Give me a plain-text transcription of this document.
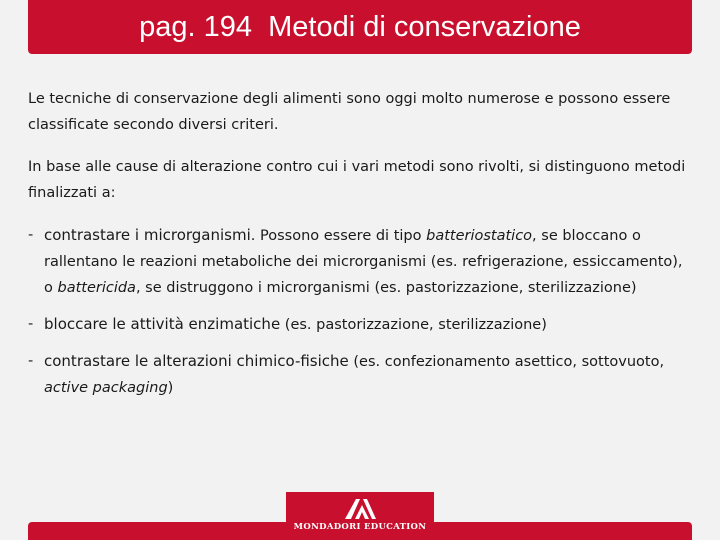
pag. 194  Metodi di conservazione

Le tecniche di conservazione degli alimenti sono oggi molto numerose e possono essere classificate secondo diversi criteri.

In base alle cause di alterazione contro cui i vari metodi sono rivolti, si distinguono metodi finalizzati a:

- contrastare i microrganismi. Possono essere di tipo batteriostatico, se bloccano o rallentano le reazioni metaboliche dei microrganismi (es. refrigerazione, essiccamento), o battericida, se distruggono i microrganismi (es. pastorizzazione, sterilizzazione)
- bloccare le attività enzimatiche (es. pastorizzazione, sterilizzazione)
- contrastare le alterazioni chimico-fisiche (es. confezionamento asettico, sottovuoto, active packaging)
MONDADORI EDUCATION
